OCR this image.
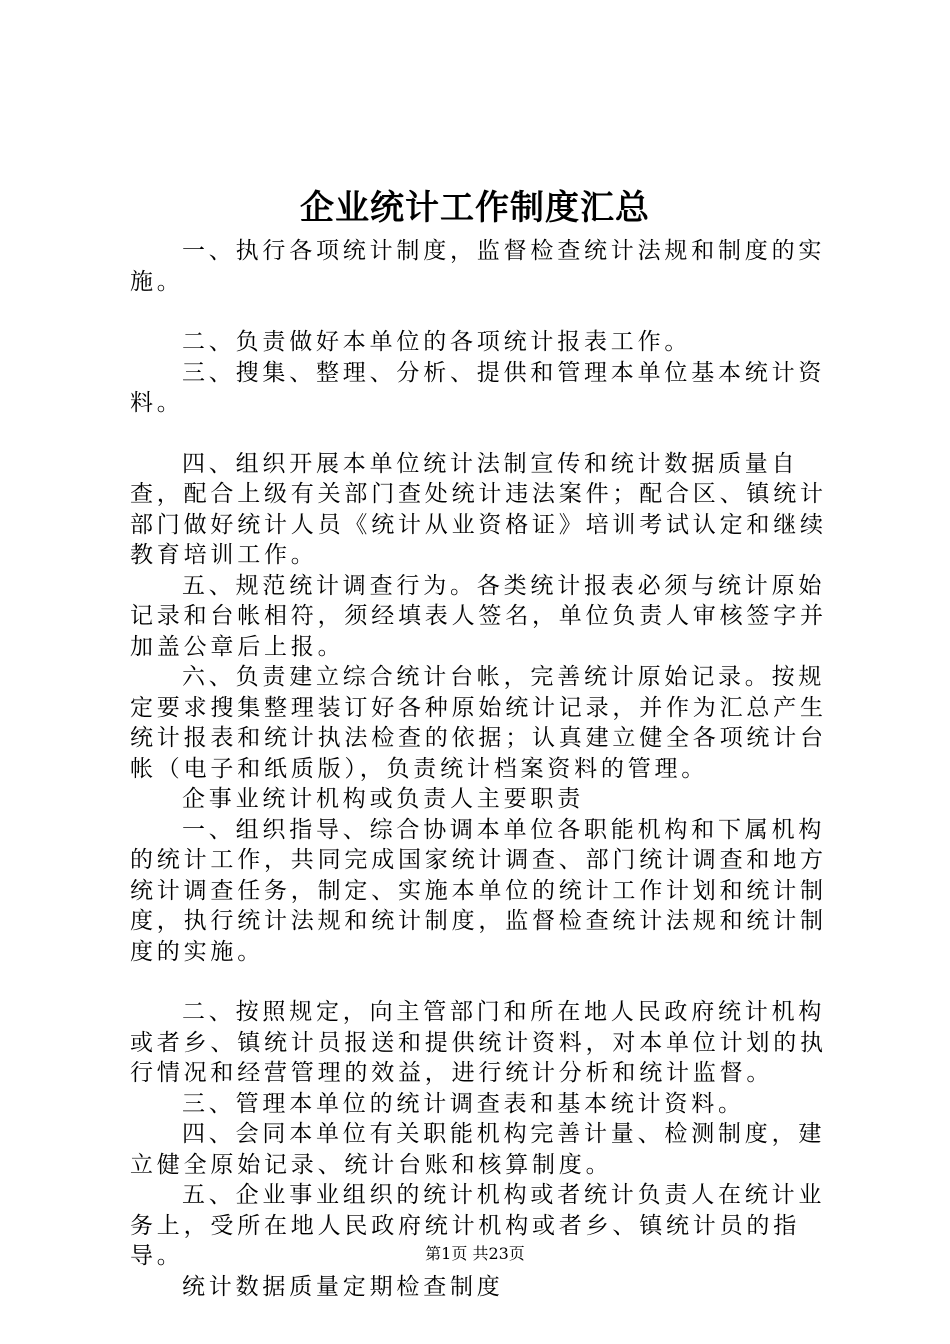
企业统计工作制度汇总

一、执行各项统计制度，监督检查统计法规和制度的实施。

二、负责做好本单位的各项统计报表工作。

三、搜集、整理、分析、提供和管理本单位基本统计资料。

四、组织开展本单位统计法制宣传和统计数据质量自查，配合上级有关部门查处统计违法案件；配合区、镇统计部门做好统计人员《统计从业资格证》培训考试认定和继续教育培训工作。

五、规范统计调查行为。各类统计报表必须与统计原始记录和台帐相符，须经填表人签名，单位负责人审核签字并加盖公章后上报。

六、负责建立综合统计台帐，完善统计原始记录。按规定要求搜集整理装订好各种原始统计记录，并作为汇总产生统计报表和统计执法检查的依据；认真建立健全各项统计台帐（电子和纸质版），负责统计档案资料的管理。

企事业统计机构或负责人主要职责

一、组织指导、综合协调本单位各职能机构和下属机构的统计工作，共同完成国家统计调查、部门统计调查和地方统计调查任务，制定、实施本单位的统计工作计划和统计制度，执行统计法规和统计制度，监督检查统计法规和统计制度的实施。

二、按照规定，向主管部门和所在地人民政府统计机构或者乡、镇统计员报送和提供统计资料，对本单位计划的执行情况和经营管理的效益，进行统计分析和统计监督。

三、管理本单位的统计调查表和基本统计资料。

四、会同本单位有关职能机构完善计量、检测制度，建立健全原始记录、统计台账和核算制度。

五、企业事业组织的统计机构或者统计负责人在统计业务上，受所在地人民政府统计机构或者乡、镇统计员的指导。

统计数据质量定期检查制度

第1页 共23页
